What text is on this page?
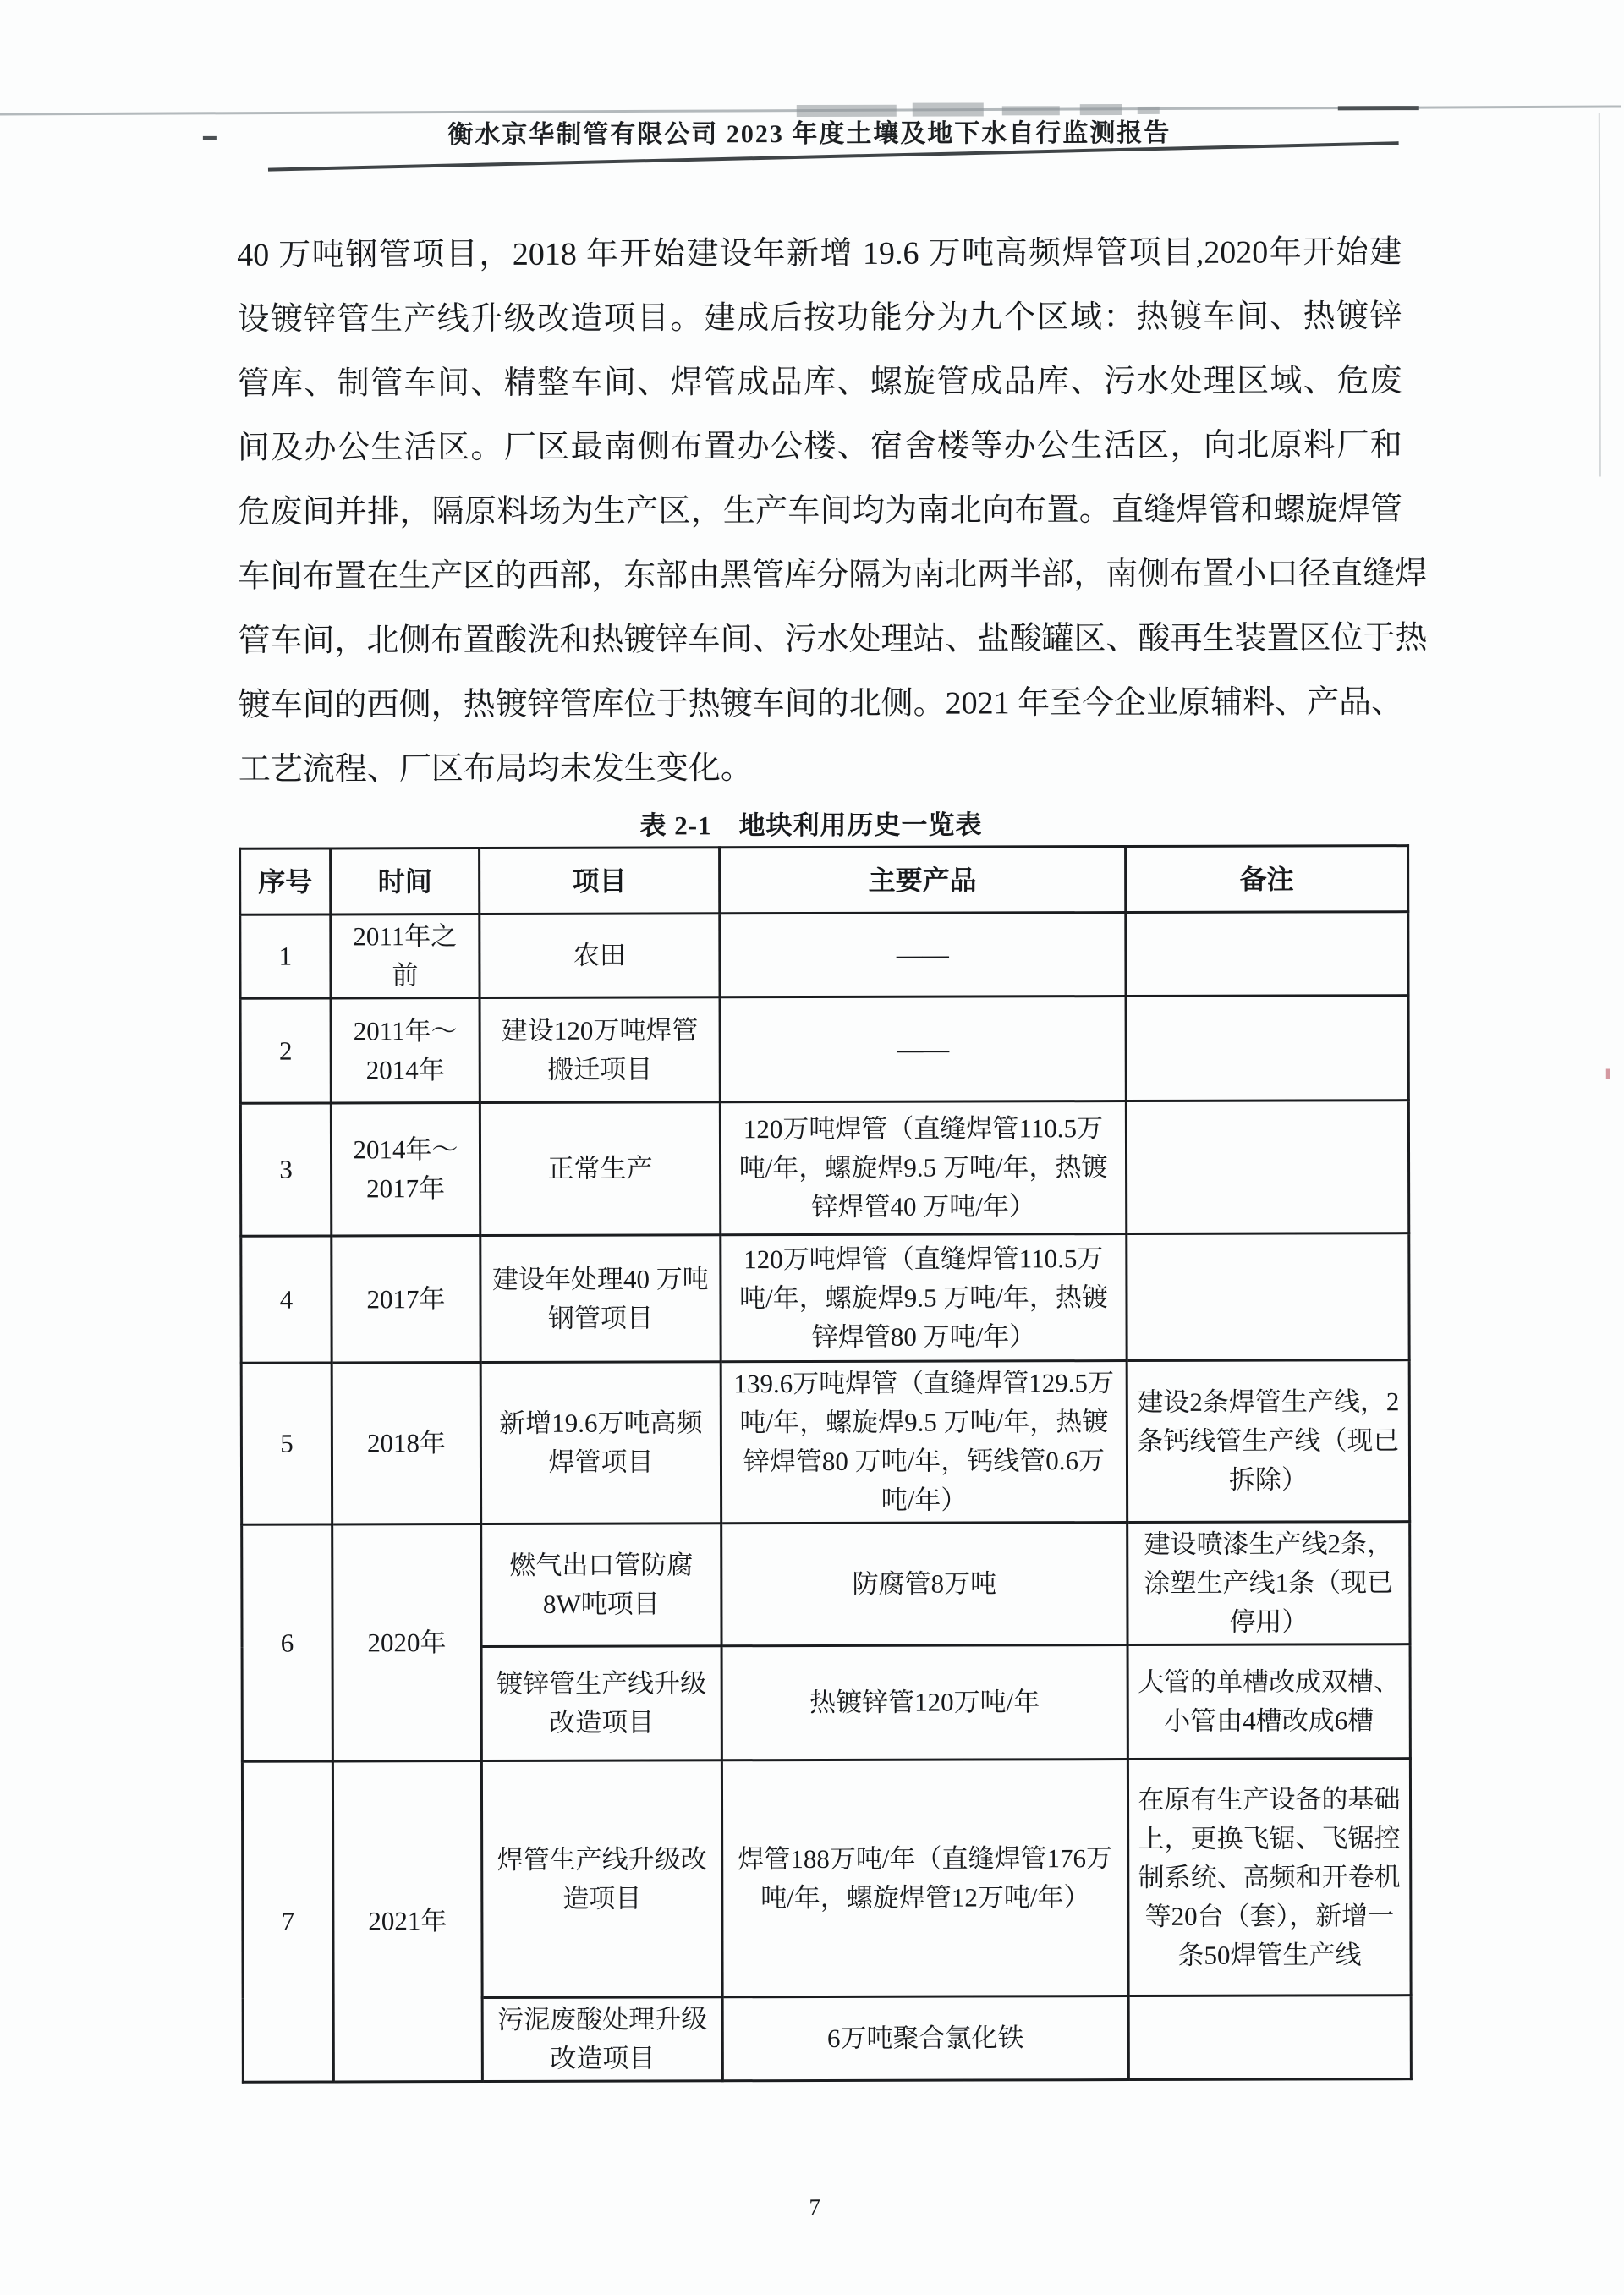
衡水京华制管有限公司 2023 年度土壤及地下水自行监测报告
40 万吨钢管项目，2018 年开始建设年新增 19.6 万吨高频焊管项目,2020年开始建
设镀锌管生产线升级改造项目。建成后按功能分为九个区域：热镀车间、热镀锌
管库、制管车间、精整车间、焊管成品库、螺旋管成品库、污水处理区域、危废
间及办公生活区。厂区最南侧布置办公楼、宿舍楼等办公生活区，向北原料厂和
危废间并排，隔原料场为生产区，生产车间均为南北向布置。直缝焊管和螺旋焊管
车间布置在生产区的西部，东部由黑管库分隔为南北两半部，南侧布置小口径直缝焊
管车间，北侧布置酸洗和热镀锌车间、污水处理站、盐酸罐区、酸再生装置区位于热
镀车间的西侧，热镀锌管库位于热镀车间的北侧。2021 年至今企业原辅料、产品、
工艺流程、厂区布局均未发生变化。
表 2-1　地块利用历史一览表
序号	时间	项目	主要产品	备注
1	2011年之前	农田	——	
2	2011年～
2014年	建设120万吨焊管搬迁项目	——	
3	2014年～
2017年	正常生产	120万吨焊管（直缝焊管110.5万吨/年，螺旋焊9.5 万吨/年，热镀锌焊管40 万吨/年）	
4	2017年	建设年处理40 万吨钢管项目	120万吨焊管（直缝焊管110.5万吨/年，螺旋焊9.5 万吨/年，热镀锌焊管80 万吨/年）	
5	2018年	新增19.6万吨高频焊管项目	139.6万吨焊管（直缝焊管129.5万吨/年，螺旋焊9.5 万吨/年，热镀锌焊管80 万吨/年，钙线管0.6万吨/年）	建设2条焊管生产线，2条钙线管生产线（现已拆除）
6	2020年	燃气出口管防腐8W吨项目	防腐管8万吨	建设喷漆生产线2条，涂塑生产线1条（现已停用）
		镀锌管生产线升级改造项目	热镀锌管120万吨/年	大管的单槽改成双槽、小管由4槽改成6槽
7	2021年	焊管生产线升级改造项目	焊管188万吨/年（直缝焊管176万吨/年，螺旋焊管12万吨/年）	在原有生产设备的基础上，更换飞锯、飞锯控制系统、高频和开卷机等20台（套），新增一条50焊管生产线
		污泥废酸处理升级改造项目	6万吨聚合氯化铁	
7
